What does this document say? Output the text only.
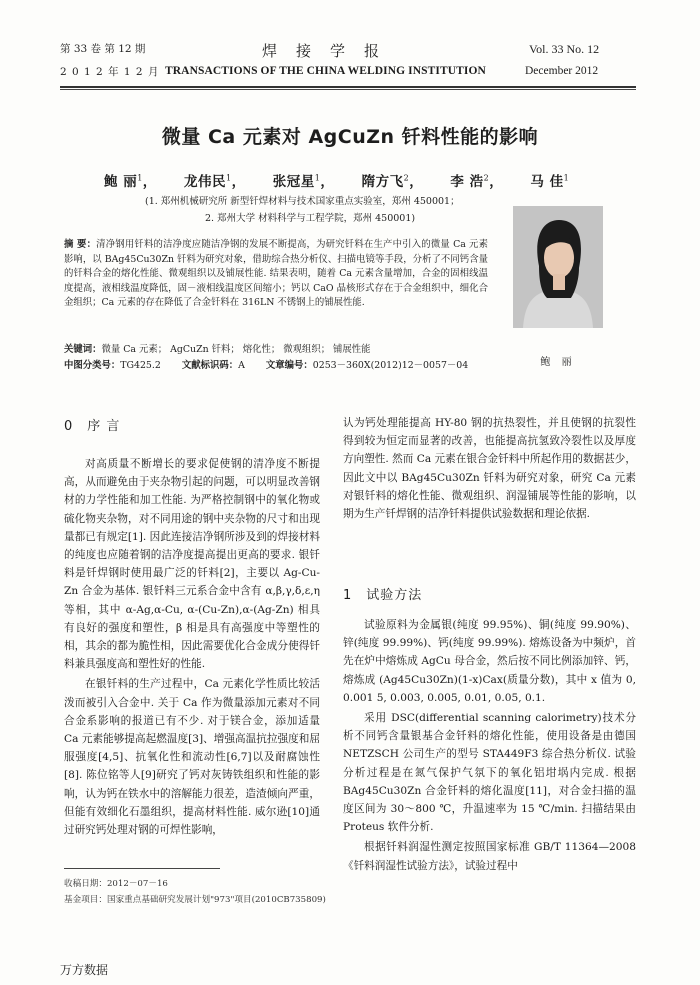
第 33 卷 第 12 期
2 0 1 2 年 1 2 月
焊接学报
TRANSACTIONS OF THE CHINA WELDING INSTITUTION
Vol. 33 No. 12
December 2012
微量 Ca 元素对 AgCuZn 钎料性能的影响
鲍 丽$^1$， 龙伟民$^1$， 张冠星$^1$， 隋方飞$^2$， 李 浩$^2$， 马 佳$^1$
(1. 郑州机械研究所 新型钎焊材料与技术国家重点实验室，郑州 450001；
2. 郑州大学 材料科学与工程学院，郑州 450001)
鲍 丽

摘 要：清净钢用钎料的洁净度应随洁净钢的发展不断提高，为研究钎料在生产中引入的微量 Ca 元素影响，以 BAg45Cu30Zn 钎料为研究对象，借助综合热分析仪、扫描电镜等手段，分析了不同钙含量的钎料合金的熔化性能、微观组织以及铺展性能. 结果表明，随着 Ca 元素含量增加，合金的固相线温度提高，液相线温度降低，固－液相线温度区间缩小；钙以 CaO 晶核形式存在于合金组织中，细化合金组织；Ca 元素的存在降低了合金钎料在 316LN 不锈钢上的铺展性能.

关键词：微量 Ca 元素； AgCuZn 钎料； 熔化性； 微观组织； 铺展性能
中图分类号：TG425.2 文献标识码：A 文章编号：0253－360X(2012)12－0057－04
0 序 言

对高质量不断增长的要求促使钢的清净度不断提高，从而避免由于夹杂物引起的问题，可以明显改善钢材的力学性能和加工性能. 为严格控制钢中的氧化物或硫化物夹杂物，对不同用途的钢中夹杂物的尺寸和出现量都已有规定[1]. 因此连接洁净钢所涉及到的焊接材料的纯度也应随着钢的洁净度提高提出更高的要求. 银钎料是钎焊钢时使用最广泛的钎料[2]，主要以 Ag-Cu-Zn 合金为基体. 银钎料三元系合金中含有 α,β,γ,δ,ε,η 等相，其中 α-Ag,α-Cu, α-(Cu-Zn),α-(Ag-Zn) 相具有良好的强度和塑性，β 相是具有高强度中等塑性的相，其余的都为脆性相，因此需要优化合金成分使得钎料兼具强度高和塑性好的性能.

在银钎料的生产过程中，Ca 元素化学性质比较活泼而被引入合金中. 关于 Ca 作为微量添加元素对不同合金系影响的报道已有不少. 对于镁合金，添加适量 Ca 元素能够提高起燃温度[3]、增强高温抗拉强度和屈服强度[4,5]、抗氧化性和流动性[6,7]以及耐腐蚀性[8]. 陈位铭等人[9]研究了钙对灰铸铁组织和性能的影响，认为钙在铁水中的溶解能力很差，造渣倾向严重，但能有效细化石墨组织，提高材料性能. 威尔逊[10]通过研究钙处理对钢的可焊性影响，

认为钙处理能提高 HY-80 钢的抗热裂性，并且使钢的抗裂性得到较为恒定而显著的改善，也能提高抗氢致冷裂性以及厚度方向塑性. 然而 Ca 元素在银合金钎料中所起作用的数据甚少，因此文中以 BAg45Cu30Zn 钎料为研究对象，研究 Ca 元素对银钎料的熔化性能、微观组织、润湿铺展等性能的影响，以期为生产钎焊钢的洁净钎料提供试验数据和理论依据.

1 试验方法

试验原料为金属银(纯度 99.95%)、铜(纯度 99.90%)、锌(纯度 99.99%)、钙(纯度 99.99%). 熔炼设备为中频炉，首先在炉中熔炼成 AgCu 母合金，然后按不同比例添加锌、钙，熔炼成 (Ag45Cu30Zn)(1-x)Cax(质量分数)，其中 x 值为 0, 0.001 5, 0.003, 0.005, 0.01, 0.05, 0.1.

采用 DSC(differential scanning calorimetry)技术分析不同钙含量银基合金钎料的熔化性能，使用设备是由德国 NETZSCH 公司生产的型号 STA449F3 综合热分析仪. 试验分析过程是在氮气保护气氛下的氧化铝坩埚内完成. 根据 BAg45Cu30Zn 合金钎料的熔化温度[11]，对合金扫描的温度区间为 30～800 ℃，升温速率为 15 ℃/min. 扫描结果由 Proteus 软件分析.

根据钎料润湿性测定按照国家标准 GB/T 11364—2008《钎料润湿性试验方法》，试验过程中

收稿日期：2012－07－16
基金项目：国家重点基础研究发展计划"973"项目(2010CB735809)
万方数据
